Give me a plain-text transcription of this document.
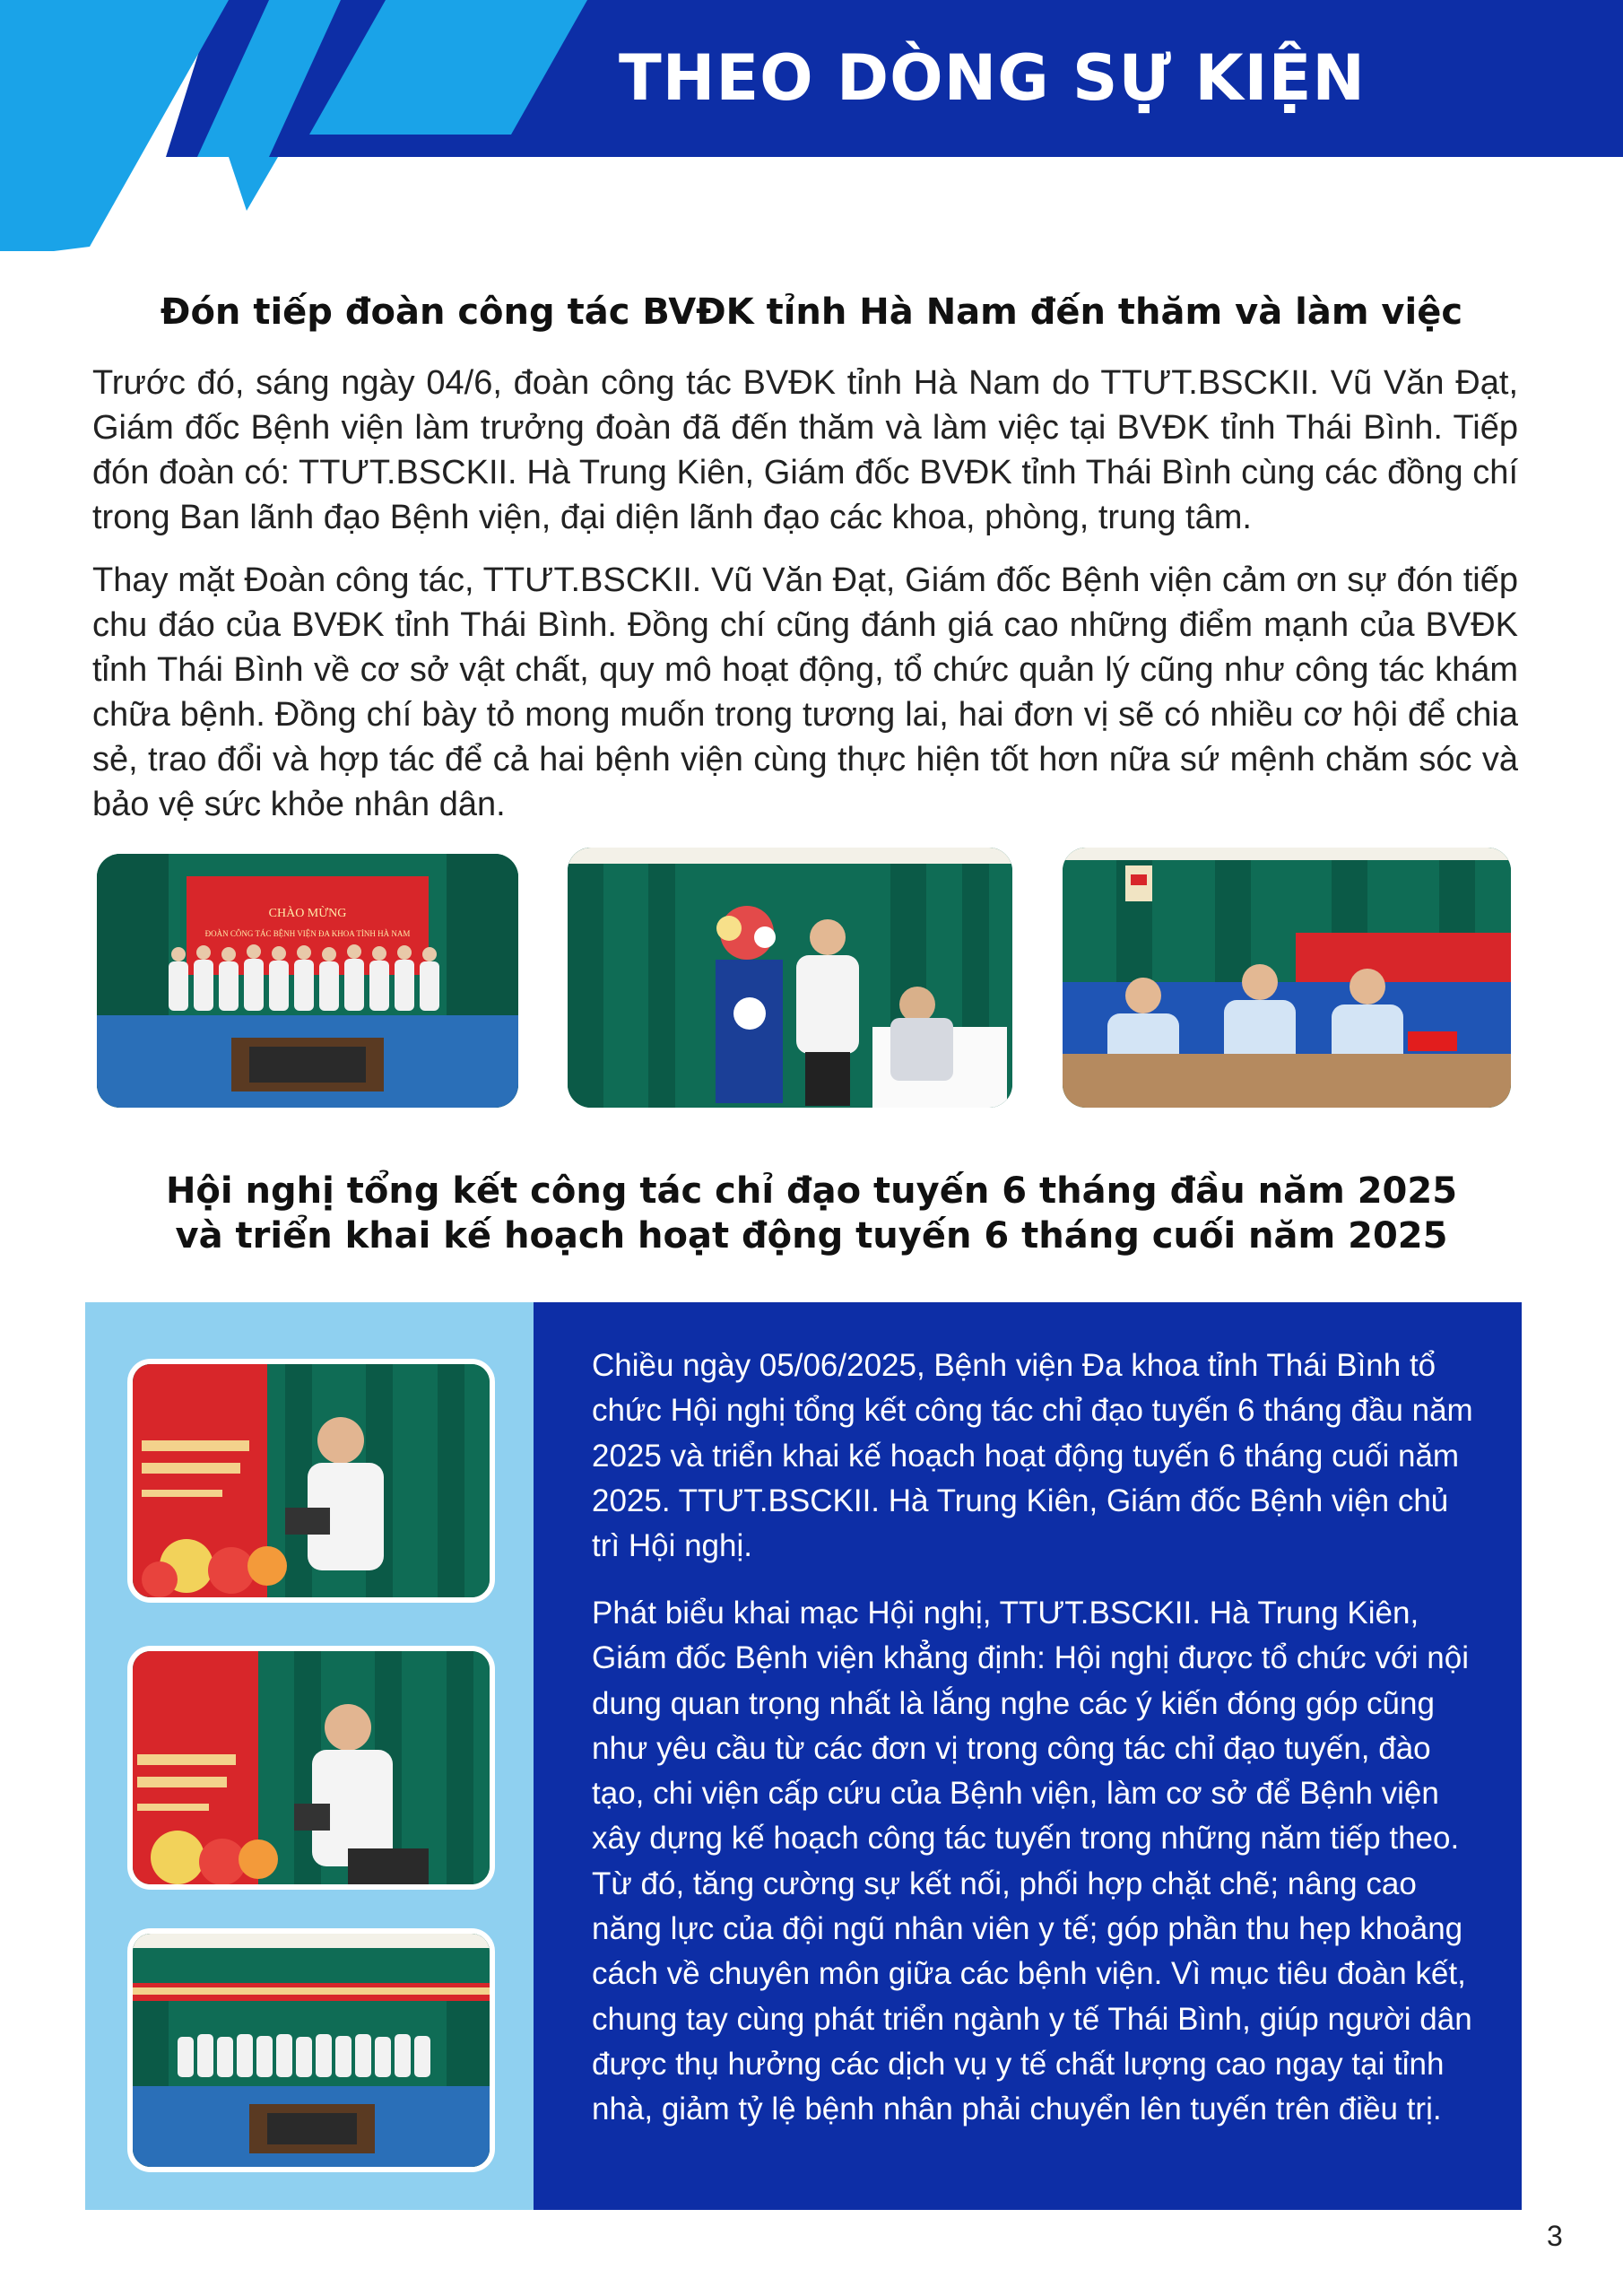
THEO DÒNG SỰ KIỆN
Đón tiếp đoàn công tác BVĐK tỉnh Hà Nam đến thăm và làm việc
Trước đó, sáng ngày 04/6, đoàn công tác BVĐK tỉnh Hà Nam do TTƯT.BSCKII. Vũ Văn Đạt, Giám đốc Bệnh viện làm trưởng đoàn đã đến thăm và làm việc tại BVĐK tỉnh Thái Bình. Tiếp đón đoàn có: TTƯT.BSCKII. Hà Trung Kiên, Giám đốc BVĐK tỉnh Thái Bình cùng các đồng chí trong Ban lãnh đạo Bệnh viện, đại diện lãnh đạo các khoa, phòng, trung tâm.
Thay mặt Đoàn công tác, TTƯT.BSCKII. Vũ Văn Đạt, Giám đốc Bệnh viện cảm ơn sự đón tiếp chu đáo của BVĐK tỉnh Thái Bình. Đồng chí cũng đánh giá cao những điểm mạnh của BVĐK tỉnh Thái Bình về cơ sở vật chất, quy mô hoạt động, tổ chức quản lý cũng như công tác khám chữa bệnh. Đồng chí bày tỏ mong muốn trong tương lai, hai đơn vị sẽ có nhiều cơ hội để chia sẻ, trao đổi và hợp tác để cả hai bệnh viện cùng thực hiện tốt hơn nữa sứ mệnh chăm sóc và bảo vệ sức khỏe nhân dân.
CHÀO MỪNG
ĐOÀN CÔNG TÁC BỆNH VIỆN ĐA KHOA TỈNH HÀ NAM
Hội nghị tổng kết công tác chỉ đạo tuyến 6 tháng đầu năm 2025
và triển khai kế hoạch hoạt động tuyến 6 tháng cuối năm 2025
Chiều ngày 05/06/2025, Bệnh viện Đa khoa tỉnh Thái Bình tổ chức Hội nghị tổng kết công tác chỉ đạo tuyến 6 tháng đầu năm 2025 và triển khai kế hoạch hoạt động tuyến 6 tháng cuối năm 2025. TTƯT.BSCKII. Hà Trung Kiên, Giám đốc Bệnh viện chủ trì Hội nghị.
Phát biểu khai mạc Hội nghị, TTƯT.BSCKII. Hà Trung Kiên, Giám đốc Bệnh viện khẳng định: Hội nghị được tổ chức với nội dung quan trọng nhất là lắng nghe các ý kiến đóng góp cũng như yêu cầu từ các đơn vị trong công tác chỉ đạo tuyến, đào tạo, chi viện cấp cứu của Bệnh viện, làm cơ sở để Bệnh viện xây dựng kế hoạch công tác tuyến trong những năm tiếp theo. Từ đó, tăng cường sự kết nối, phối hợp chặt chẽ; nâng cao năng lực của đội ngũ nhân viên y tế; góp phần thu hẹp khoảng cách về chuyên môn giữa các bệnh viện. Vì mục tiêu đoàn kết, chung tay cùng phát triển ngành y tế Thái Bình, giúp người dân được thụ hưởng các dịch vụ y tế chất lượng cao ngay tại tỉnh nhà, giảm tỷ lệ bệnh nhân phải chuyển lên tuyến trên điều trị.
3
